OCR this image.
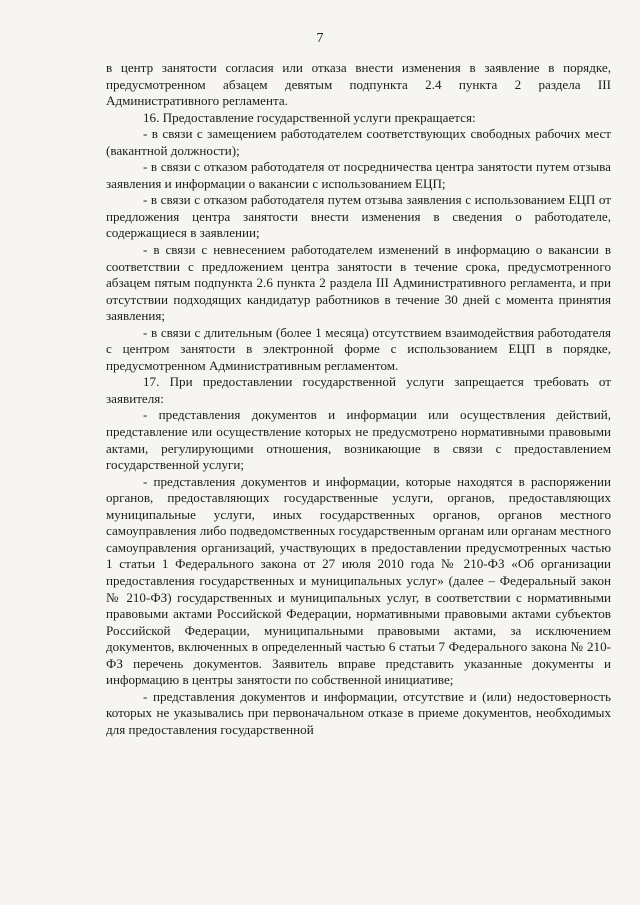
7

в центр занятости согласия или отказа внести изменения в заявление в порядке, предусмотренном абзацем девятым подпункта 2.4 пункта 2 раздела III Административного регламента.

16. Предоставление государственной услуги прекращается:

- в связи с замещением работодателем соответствующих свободных рабочих мест (вакантной должности);

- в связи с отказом работодателя от посредничества центра занятости путем отзыва заявления и информации о вакансии с использованием ЕЦП;

- в связи с отказом работодателя путем отзыва заявления с использованием ЕЦП от предложения центра занятости внести изменения в сведения о работодателе, содержащиеся в заявлении;

- в связи с невнесением работодателем изменений в информацию о вакансии в соответствии с предложением центра занятости в течение срока, предусмотренного абзацем пятым подпункта 2.6 пункта 2 раздела III Административного регламента, и при отсутствии подходящих кандидатур работников в течение 30 дней с момента принятия заявления;

- в связи с длительным (более 1 месяца) отсутствием взаимодействия работодателя с центром занятости в электронной форме с использованием ЕЦП в порядке, предусмотренном Административным регламентом.

17. При предоставлении государственной услуги запрещается требовать от заявителя:

- представления документов и информации или осуществления действий, представление или осуществление которых не предусмотрено нормативными правовыми актами, регулирующими отношения, возникающие в связи с предоставлением государственной услуги;

- представления документов и информации, которые находятся в распоряжении органов, предоставляющих государственные услуги, органов, предоставляющих муниципальные услуги, иных государственных органов, органов местного самоуправления либо подведомственных государственным органам или органам местного самоуправления организаций, участвующих в предоставлении предусмотренных частью 1 статьи 1 Федерального закона от 27 июля 2010 года № 210-ФЗ «Об организации предоставления государственных и муниципальных услуг» (далее – Федеральный закон № 210-ФЗ) государственных и муниципальных услуг, в соответствии с нормативными правовыми актами Российской Федерации, нормативными правовыми актами субъектов Российской Федерации, муниципальными правовыми актами, за исключением документов, включенных в определенный частью 6 статьи 7 Федерального закона № 210-ФЗ перечень документов. Заявитель вправе представить указанные документы и информацию в центры занятости по собственной инициативе;

- представления документов и информации, отсутствие и (или) недостоверность которых не указывались при первоначальном отказе в приеме документов, необходимых для предоставления государственной
